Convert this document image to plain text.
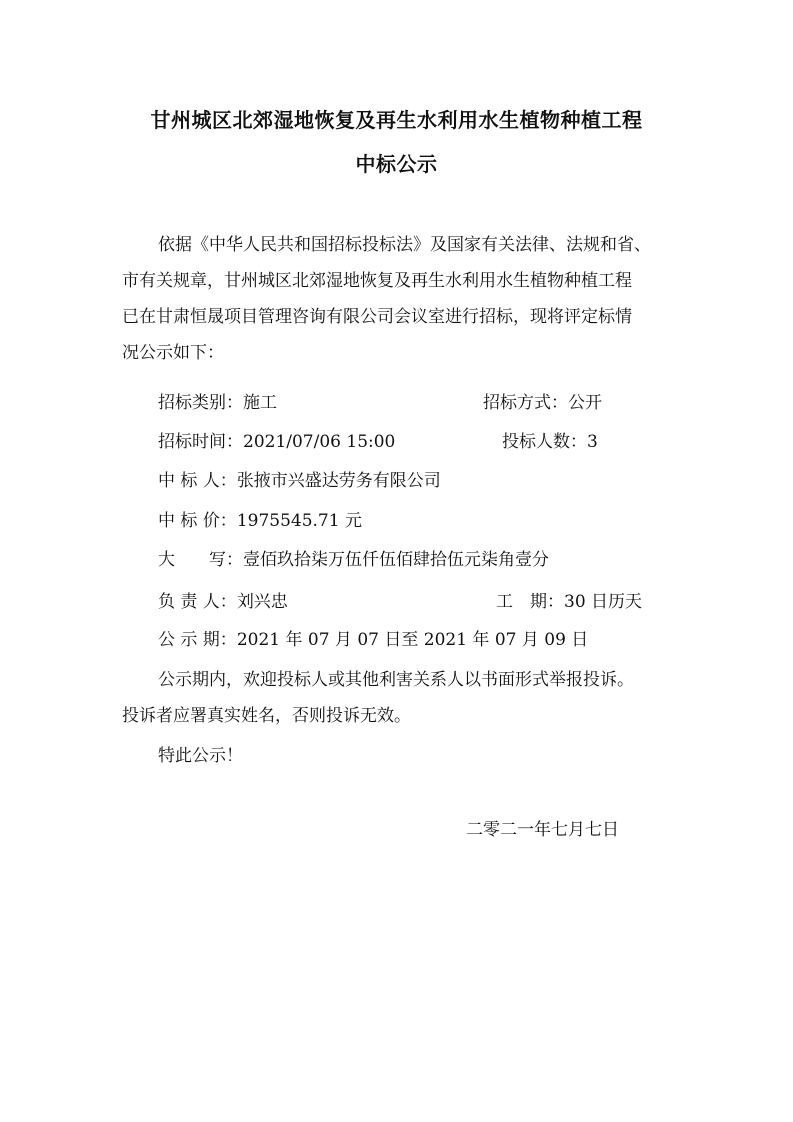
甘州城区北郊湿地恢复及再生水利用水生植物种植工程
中标公示
依据《中华人民共和国招标投标法》及国家有关法律、法规和省、
市有关规章，甘州城区北郊湿地恢复及再生水利用水生植物种植工程
已在甘肃恒晟项目管理咨询有限公司会议室进行招标，现将评定标情
况公示如下：
招标类别：施工	招标方式：公开
招标时间：2021/07/06 15:00	投标人数：3
中 标 人：张掖市兴盛达劳务有限公司
中 标 价：1975545.71 元
大　　写：壹佰玖拾柒万伍仟伍佰肆拾伍元柒角壹分
负 责 人：刘兴忠	工　期：30 日历天
公 示 期：2021 年 07 月 07 日至 2021 年 07 月 09 日
公示期内，欢迎投标人或其他利害关系人以书面形式举报投诉。
投诉者应署真实姓名，否则投诉无效。
特此公示！
二零二一年七月七日
